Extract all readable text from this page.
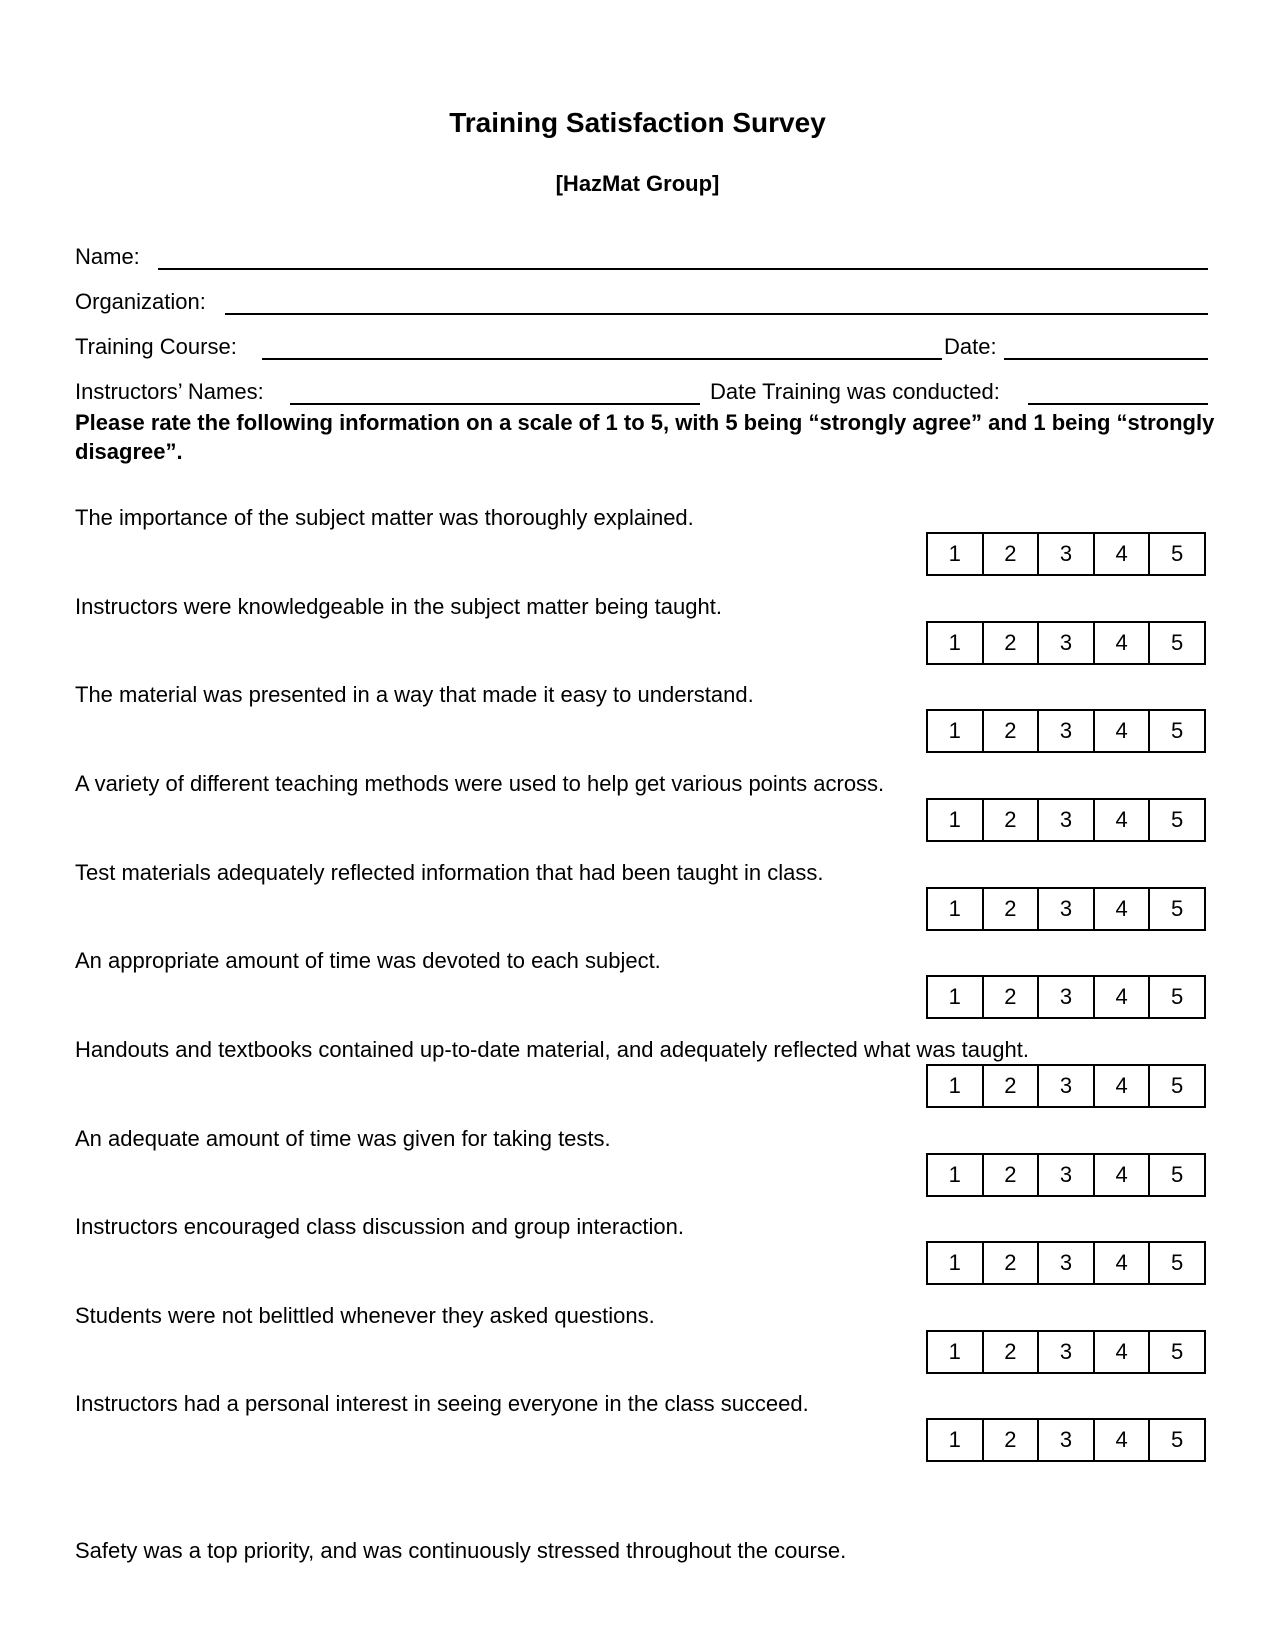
Training Satisfaction Survey
[HazMat Group]
Name:
Organization:
Training Course:	Date:
Instructors’ Names:	Date Training was conducted:
Please rate the following information on a scale of 1 to 5, with 5 being “strongly agree” and 1 being “strongly disagree”.
The importance of the subject matter was thoroughly explained.
1	2	3	4	5
Instructors were knowledgeable in the subject matter being taught.
1	2	3	4	5
The material was presented in a way that made it easy to understand.
1	2	3	4	5
A variety of different teaching methods were used to help get various points across.
1	2	3	4	5
Test materials adequately reflected information that had been taught in class.
1	2	3	4	5
An appropriate amount of time was devoted to each subject.
1	2	3	4	5
Handouts and textbooks contained up-to-date material, and adequately reflected what was taught.
1	2	3	4	5
An adequate amount of time was given for taking tests.
1	2	3	4	5
Instructors encouraged class discussion and group interaction.
1	2	3	4	5
Students were not belittled whenever they asked questions.
1	2	3	4	5
Instructors had a personal interest in seeing everyone in the class succeed.
1	2	3	4	5
Safety was a top priority, and was continuously stressed throughout the course.
